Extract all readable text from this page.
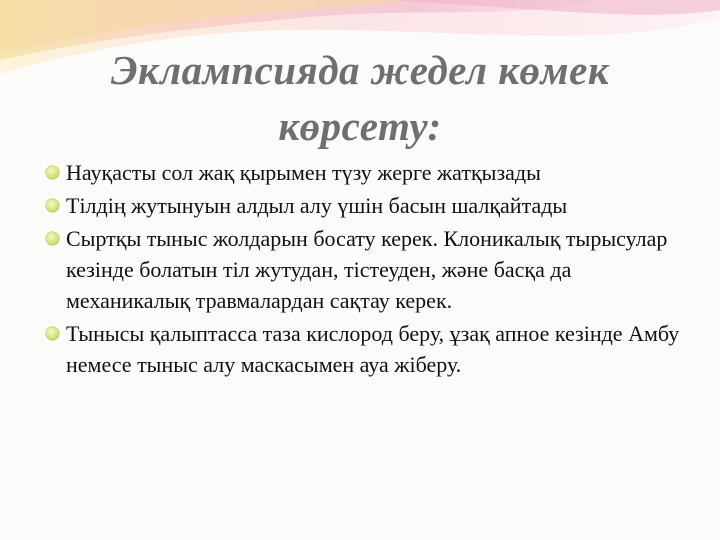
Эклампсияда жедел көмек
көрсету:
Науқасты сол жақ қырымен түзу жерге жатқызады
Тілдің жутынуын алдыл алу үшін басын шалқайтады
Сыртқы тыныс жолдарын босату керек. Клоникалық тырысулар кезінде болатын тіл жутудан, тістеуден, және басқа да механикалық травмалардан сақтау керек.
Тынысы қалыптасса таза кислород беру, ұзақ апное кезінде Амбу немесе тыныс алу маскасымен ауа жіберу.
